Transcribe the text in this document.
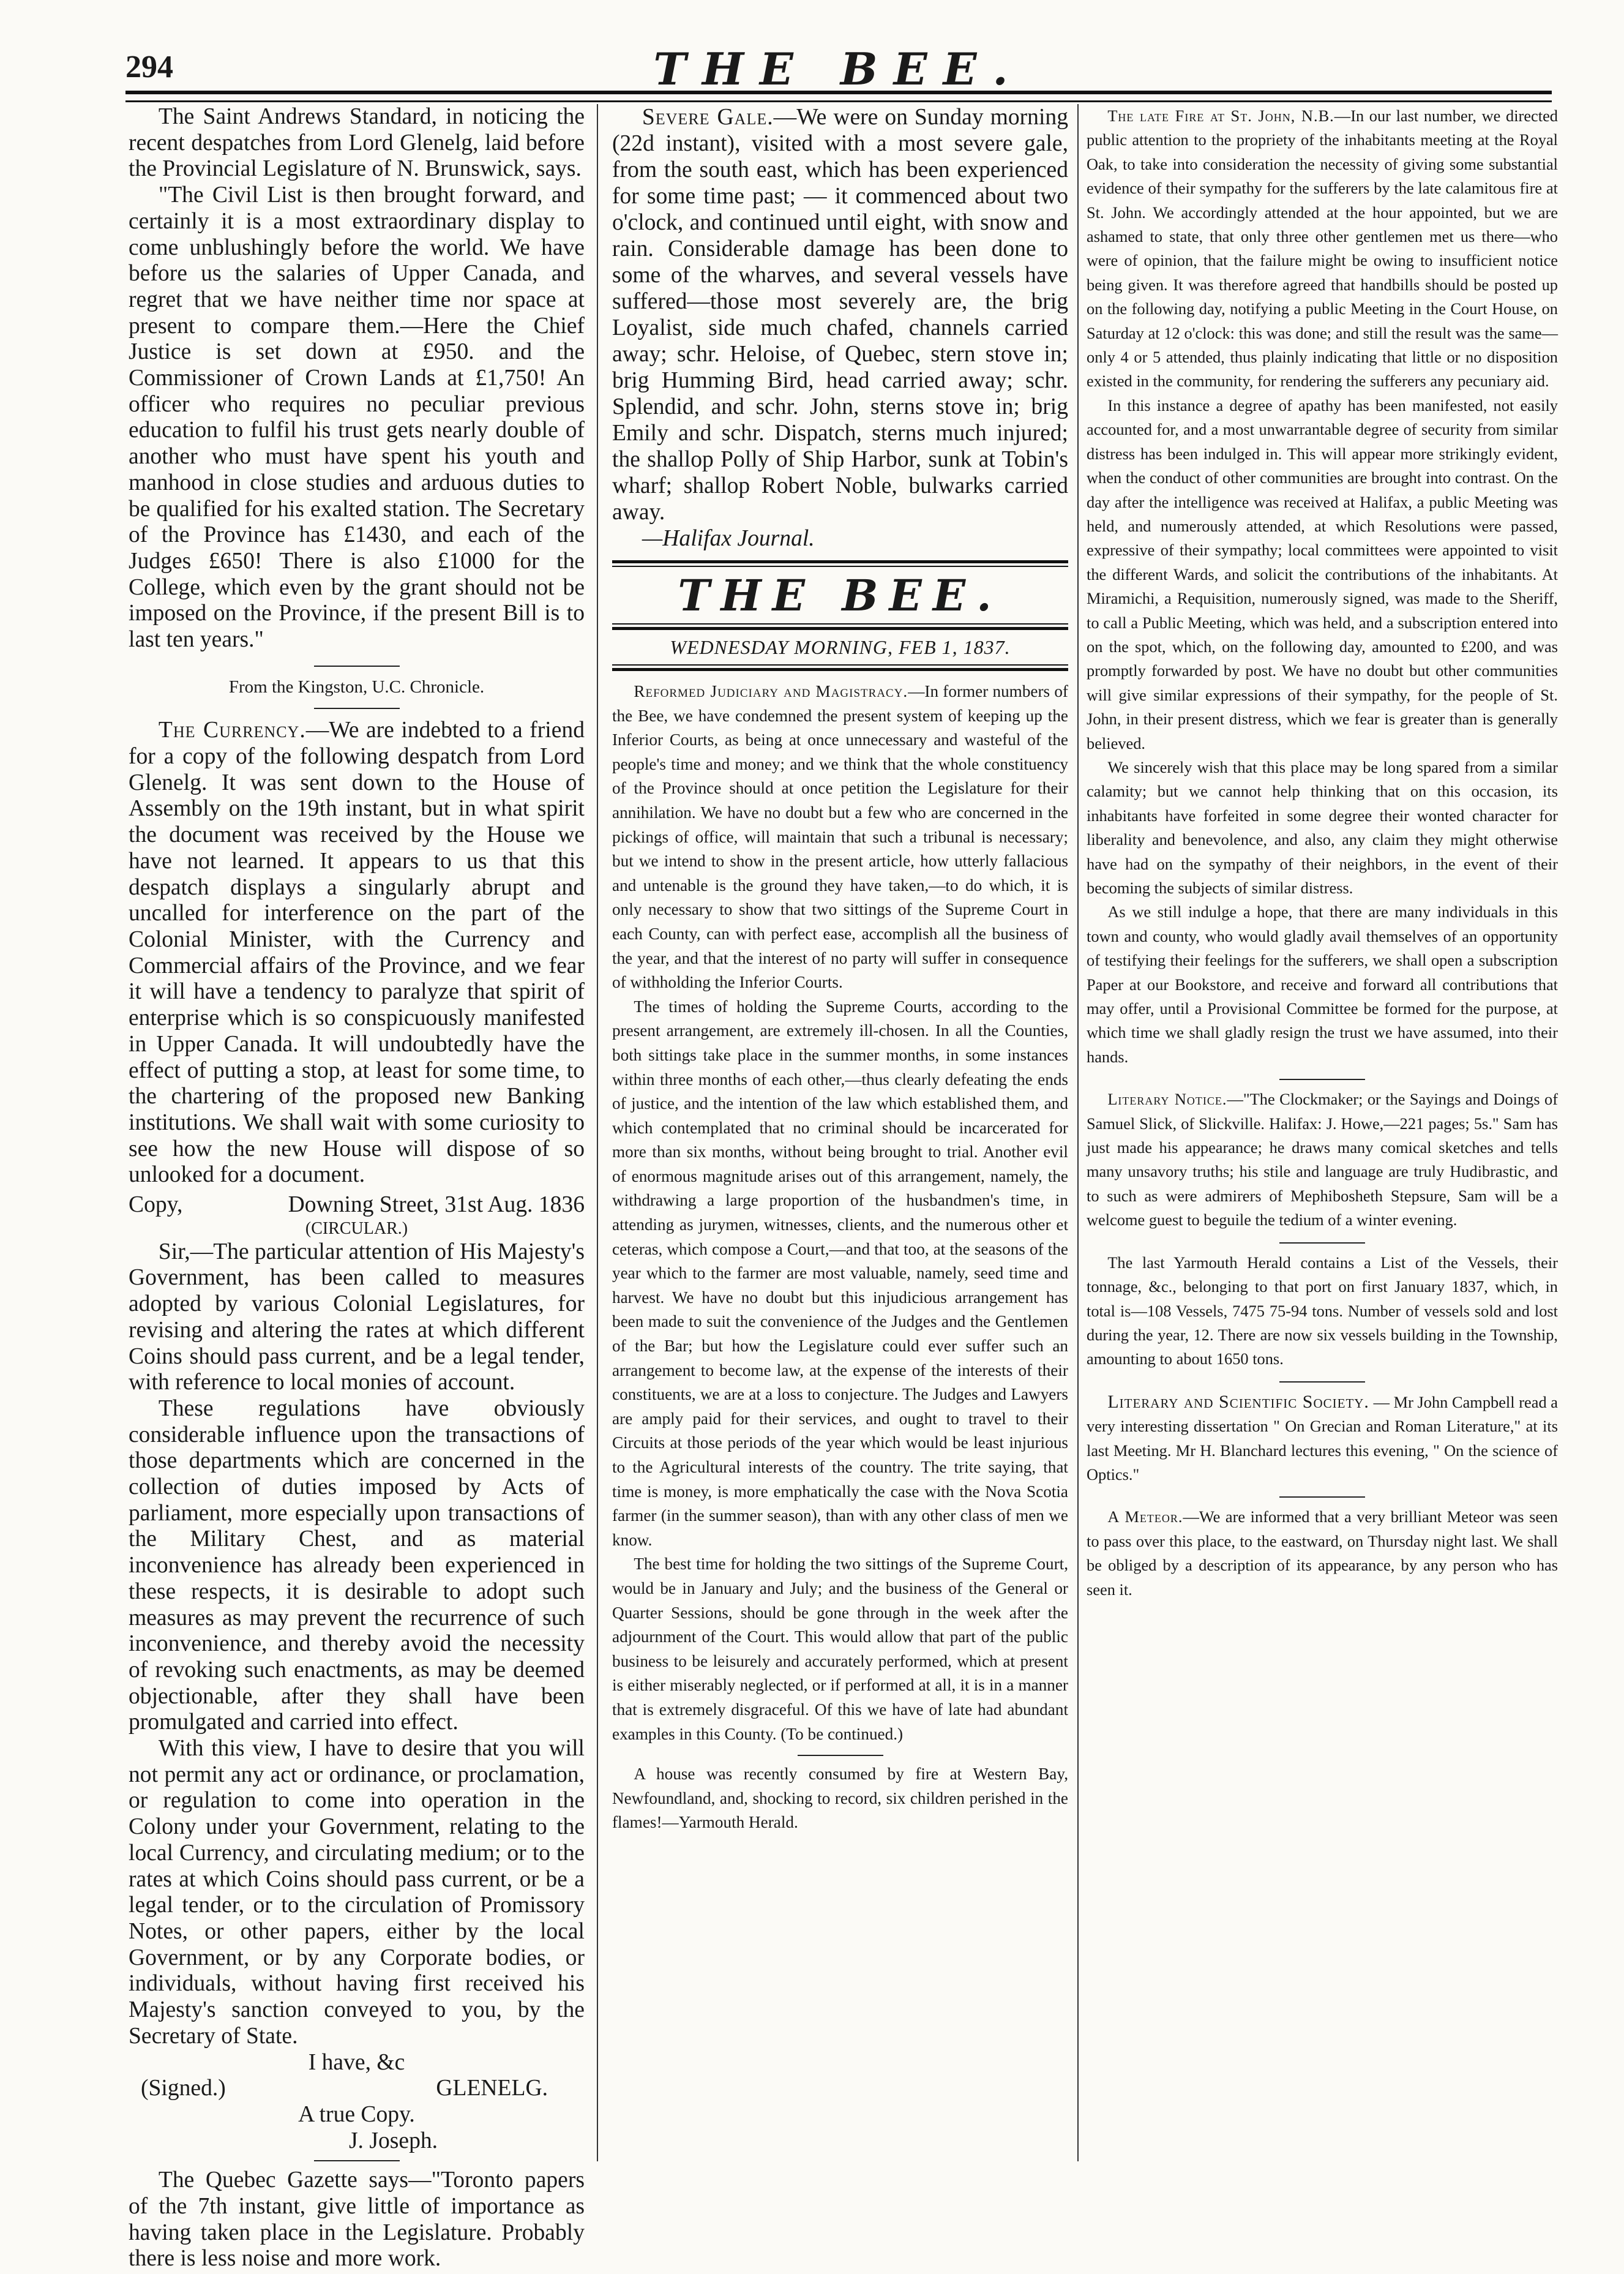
294	THE BEE.

The Saint Andrews Standard, in noticing the recent despatches from Lord Glenelg, laid before the Provincial Legislature of N. Brunswick, says.

"The Civil List is then brought forward, and certainly it is a most extraordinary display to come unblushingly before the world. We have before us the salaries of Upper Canada, and regret that we have neither time nor space at present to compare them.—Here the Chief Justice is set down at £950. and the Commissioner of Crown Lands at £1,750! An officer who requires no peculiar previous education to fulfil his trust gets nearly double of another who must have spent his youth and manhood in close studies and arduous duties to be qualified for his exalted station. The Secretary of the Province has £1430, and each of the Judges £650! There is also £1000 for the College, which even by the grant should not be imposed on the Province, if the present Bill is to last ten years."

From the Kingston, U.C. Chronicle.

The Currency.—We are indebted to a friend for a copy of the following despatch from Lord Glenelg. It was sent down to the House of Assembly on the 19th instant, but in what spirit the document was received by the House we have not learned. It appears to us that this despatch displays a singularly abrupt and uncalled for interference on the part of the Colonial Minister, with the Currency and Commercial affairs of the Province, and we fear it will have a tendency to paralyze that spirit of enterprise which is so conspicuously manifested in Upper Canada. It will undoubtedly have the effect of putting a stop, at least for some time, to the chartering of the proposed new Banking institutions. We shall wait with some curiosity to see how the new House will dispose of so unlooked for a document.

Copy,	Downing Street, 31st Aug. 1836

(CIRCULAR.)

Sir,—The particular attention of His Majesty's Government, has been called to measures adopted by various Colonial Legislatures, for revising and altering the rates at which different Coins should pass current, and be a legal tender, with reference to local monies of account.

These regulations have obviously considerable influence upon the transactions of those departments which are concerned in the collection of duties imposed by Acts of parliament, more especially upon transactions of the Military Chest, and as material inconvenience has already been experienced in these respects, it is desirable to adopt such measures as may prevent the recurrence of such inconvenience, and thereby avoid the necessity of revoking such enactments, as may be deemed objectionable, after they shall have been promulgated and carried into effect.

With this view, I have to desire that you will not permit any act or ordinance, or proclamation, or regulation to come into operation in the Colony under your Government, relating to the local Currency, and circulating medium; or to the rates at which Coins should pass current, or be a legal tender, or to the circulation of Promissory Notes, or other papers, either by the local Government, or by any Corporate bodies, or individuals, without having first received his Majesty's sanction conveyed to you, by the Secretary of State.

I have, &c

(Signed.)	GLENELG.

A true Copy.

J. Joseph.

The Quebec Gazette says—"Toronto papers of the 7th instant, give little of importance as having taken place in the Legislature. Probably there is less noise and more work.

Severe Gale.—We were on Sunday morning (22d instant), visited with a most severe gale, from the south east, which has been experienced for some time past; — it commenced about two o'clock, and continued until eight, with snow and rain. Considerable damage has been done to some of the wharves, and several vessels have suffered—those most severely are, the brig Loyalist, side much chafed, channels carried away; schr. Heloise, of Quebec, stern stove in; brig Humming Bird, head carried away; schr. Splendid, and schr. John, sterns stove in; brig Emily and schr. Dispatch, sterns much injured; the shallop Polly of Ship Harbor, sunk at Tobin's wharf; shallop Robert Noble, bulwarks carried away.

—Halifax Journal.

THE BEE.
WEDNESDAY MORNING, FEB 1, 1837.

Reformed Judiciary and Magistracy.—In former numbers of the Bee, we have condemned the present system of keeping up the Inferior Courts, as being at once unnecessary and wasteful of the people's time and money; and we think that the whole constituency of the Province should at once petition the Legislature for their annihilation. We have no doubt but a few who are concerned in the pickings of office, will maintain that such a tribunal is necessary; but we intend to show in the present article, how utterly fallacious and untenable is the ground they have taken,—to do which, it is only necessary to show that two sittings of the Supreme Court in each County, can with perfect ease, accomplish all the business of the year, and that the interest of no party will suffer in consequence of withholding the Inferior Courts.

The times of holding the Supreme Courts, according to the present arrangement, are extremely ill-chosen. In all the Counties, both sittings take place in the summer months, in some instances within three months of each other,—thus clearly defeating the ends of justice, and the intention of the law which established them, and which contemplated that no criminal should be incarcerated for more than six months, without being brought to trial. Another evil of enormous magnitude arises out of this arrangement, namely, the withdrawing a large proportion of the husbandmen's time, in attending as jurymen, witnesses, clients, and the numerous other et ceteras, which compose a Court,—and that too, at the seasons of the year which to the farmer are most valuable, namely, seed time and harvest. We have no doubt but this injudicious arrangement has been made to suit the convenience of the Judges and the Gentlemen of the Bar; but how the Legislature could ever suffer such an arrangement to become law, at the expense of the interests of their constituents, we are at a loss to conjecture. The Judges and Lawyers are amply paid for their services, and ought to travel to their Circuits at those periods of the year which would be least injurious to the Agricultural interests of the country. The trite saying, that time is money, is more emphatically the case with the Nova Scotia farmer (in the summer season), than with any other class of men we know.

The best time for holding the two sittings of the Supreme Court, would be in January and July; and the business of the General or Quarter Sessions, should be gone through in the week after the adjournment of the Court. This would allow that part of the public business to be leisurely and accurately performed, which at present is either miserably neglected, or if performed at all, it is in a manner that is extremely disgraceful. Of this we have of late had abundant examples in this County. (To be continued.)

A house was recently consumed by fire at Western Bay, Newfoundland, and, shocking to record, six children perished in the flames!—Yarmouth Herald.

The late Fire at St. John, N.B.—In our last number, we directed public attention to the propriety of the inhabitants meeting at the Royal Oak, to take into consideration the necessity of giving some substantial evidence of their sympathy for the sufferers by the late calamitous fire at St. John. We accordingly attended at the hour appointed, but we are ashamed to state, that only three other gentlemen met us there—who were of opinion, that the failure might be owing to insufficient notice being given. It was therefore agreed that handbills should be posted up on the following day, notifying a public Meeting in the Court House, on Saturday at 12 o'clock: this was done; and still the result was the same—only 4 or 5 attended, thus plainly indicating that little or no disposition existed in the community, for rendering the sufferers any pecuniary aid.

In this instance a degree of apathy has been manifested, not easily accounted for, and a most unwarrantable degree of security from similar distress has been indulged in. This will appear more strikingly evident, when the conduct of other communities are brought into contrast. On the day after the intelligence was received at Halifax, a public Meeting was held, and numerously attended, at which Resolutions were passed, expressive of their sympathy; local committees were appointed to visit the different Wards, and solicit the contributions of the inhabitants. At Miramichi, a Requisition, numerously signed, was made to the Sheriff, to call a Public Meeting, which was held, and a subscription entered into on the spot, which, on the following day, amounted to £200, and was promptly forwarded by post. We have no doubt but other communities will give similar expressions of their sympathy, for the people of St. John, in their present distress, which we fear is greater than is generally believed.

We sincerely wish that this place may be long spared from a similar calamity; but we cannot help thinking that on this occasion, its inhabitants have forfeited in some degree their wonted character for liberality and benevolence, and also, any claim they might otherwise have had on the sympathy of their neighbors, in the event of their becoming the subjects of similar distress.

As we still indulge a hope, that there are many individuals in this town and county, who would gladly avail themselves of an opportunity of testifying their feelings for the sufferers, we shall open a subscription Paper at our Bookstore, and receive and forward all contributions that may offer, until a Provisional Committee be formed for the purpose, at which time we shall gladly resign the trust we have assumed, into their hands.

Literary Notice.—"The Clockmaker; or the Sayings and Doings of Samuel Slick, of Slickville. Halifax: J. Howe,—221 pages; 5s." Sam has just made his appearance; he draws many comical sketches and tells many unsavory truths; his stile and language are truly Hudibrastic, and to such as were admirers of Mephibosheth Stepsure, Sam will be a welcome guest to beguile the tedium of a winter evening.

The last Yarmouth Herald contains a List of the Vessels, their tonnage, &c., belonging to that port on first January 1837, which, in total is—108 Vessels, 7475 75-94 tons. Number of vessels sold and lost during the year, 12. There are now six vessels building in the Township, amounting to about 1650 tons.

Literary and Scientific Society. — Mr John Campbell read a very interesting dissertation " On Grecian and Roman Literature," at its last Meeting. Mr H. Blanchard lectures this evening, " On the science of Optics."

A Meteor.—We are informed that a very brilliant Meteor was seen to pass over this place, to the eastward, on Thursday night last. We shall be obliged by a description of its appearance, by any person who has seen it.
